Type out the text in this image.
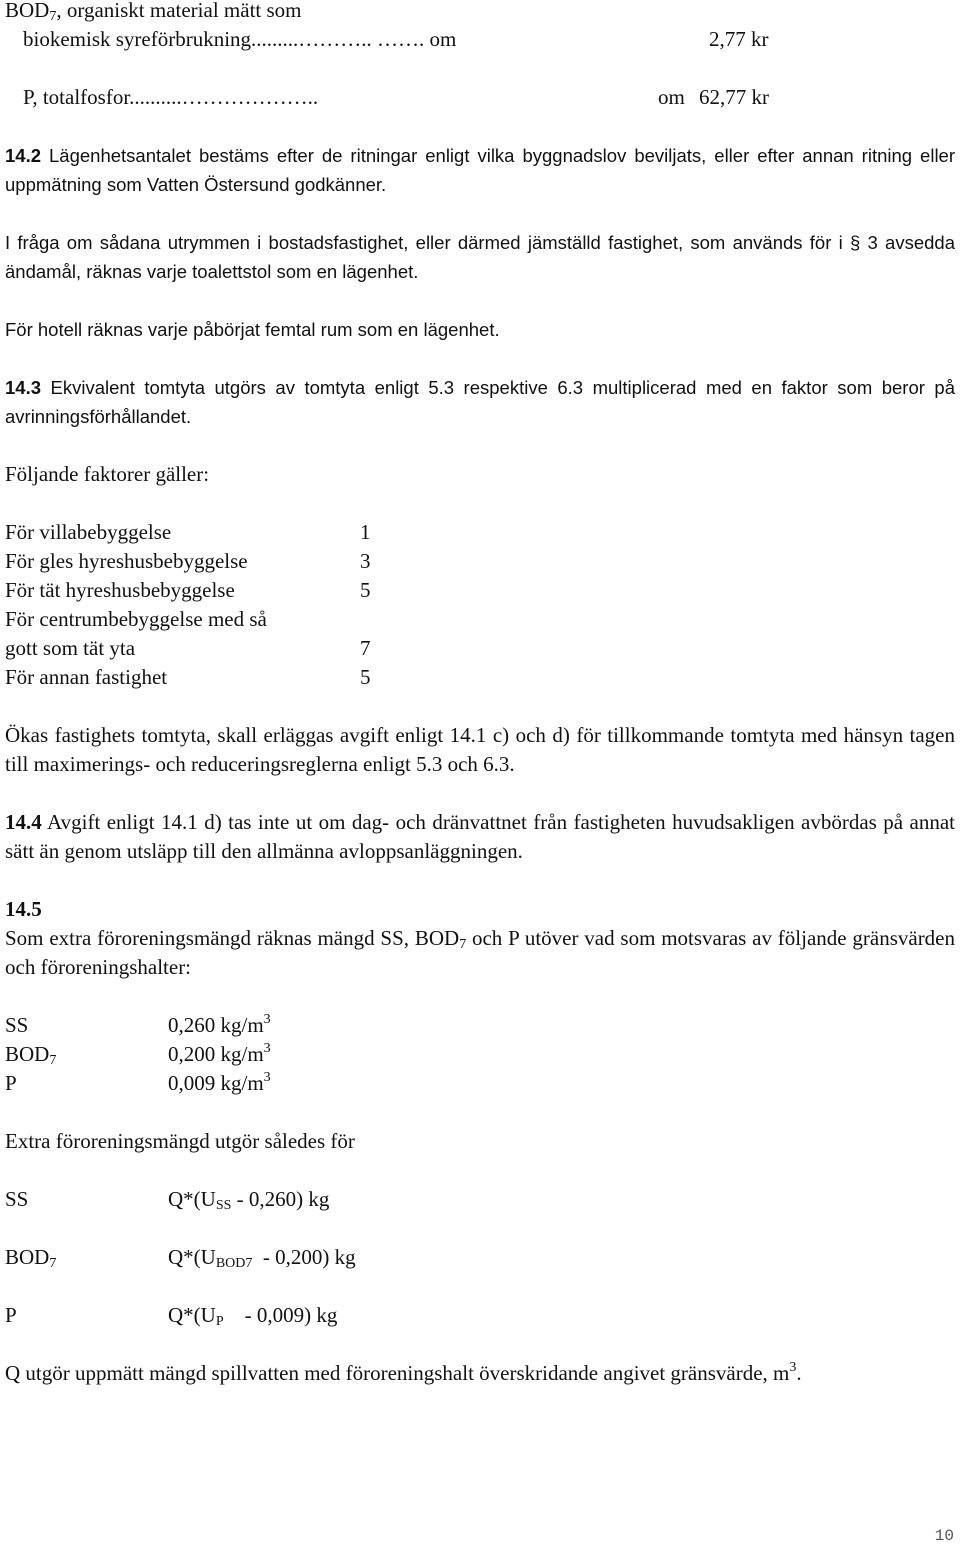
$BOD_7$, organiskt material mätt som
biokemisk syreförbrukning.........……….. ……. om	2,77 kr
P, totalfosfor..........………………..	om 62,77 kr

14.2 Lägenhetsantalet bestäms efter de ritningar enligt vilka byggnadslov beviljats, eller efter annan ritning eller uppmätning som Vatten Östersund godkänner.

I fråga om sådana utrymmen i bostadsfastighet, eller därmed jämställd fastighet, som används för i § 3 avsedda ändamål, räknas varje toalettstol som en lägenhet.

För hotell räknas varje påbörjat femtal rum som en lägenhet.

14.3 Ekvivalent tomtyta utgörs av tomtyta enligt 5.3 respektive 6.3 multiplicerad med en faktor som beror på avrinningsförhållandet.

Följande faktorer gäller:

För villabebyggelse	1
För gles hyreshusbebyggelse	3
För tät hyreshusbebyggelse	5
För centrumbebyggelse med så
gott som tät yta	7
För annan fastighet	5

Ökas fastighets tomtyta, skall erläggas avgift enligt 14.1 c) och d) för tillkommande tomtyta med hänsyn tagen till maximerings- och reduceringsreglerna enligt 5.3 och 6.3.

14.4 Avgift enligt 14.1 d) tas inte ut om dag- och dränvattnet från fastigheten huvudsakligen avbördas på annat sätt än genom utsläpp till den allmänna avloppsanläggningen.

14.5

Som extra föroreningsmängd räknas mängd SS, $BOD_7$ och P utöver vad som motsvaras av följande gränsvärden och föroreningshalter:

SS	0,260 $kg/m^3$
$BOD_7$	0,200 $kg/m^3$
P	0,009 $kg/m^3$

Extra föroreningsmängd utgör således för

SS	$Q*(U_{SS} - 0,260)$ kg
$BOD_7$	$Q*(U_{BOD7} - 0,200)$ kg
P	$Q*(U_P$    - 0,009) kg

Q utgör uppmätt mängd spillvatten med föroreningshalt överskridande angivet gränsvärde, $m^3$.

10
